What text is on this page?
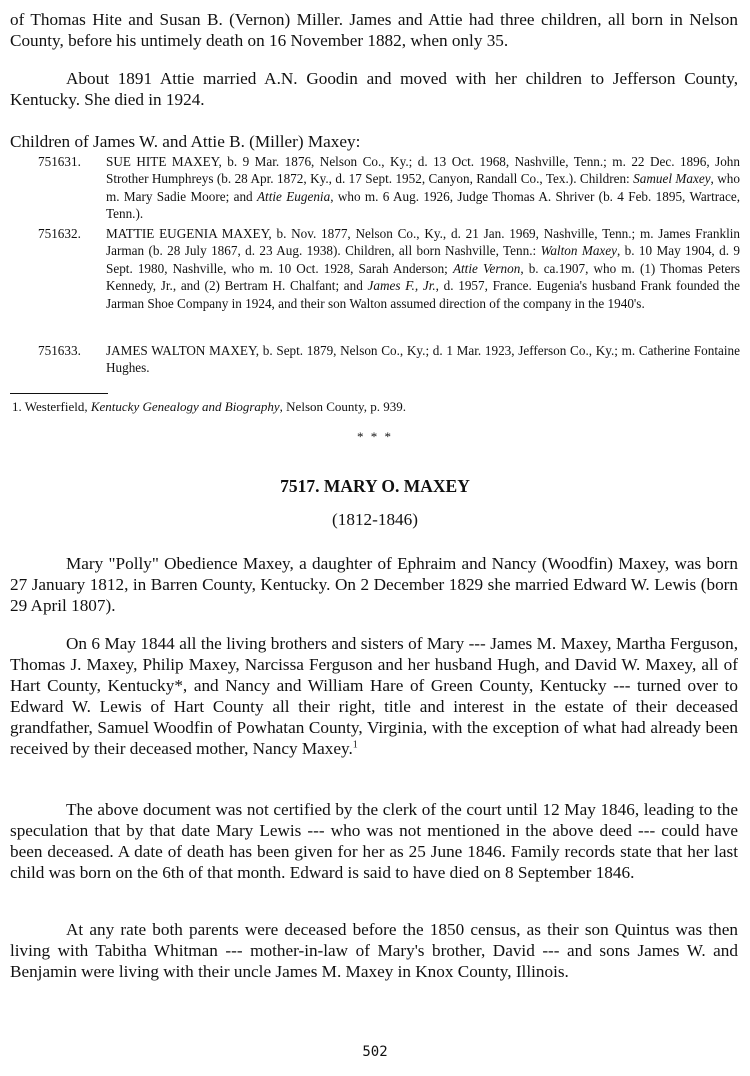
of Thomas Hite and Susan B. (Vernon) Miller. James and Attie had three children, all born in Nelson County, before his untimely death on 16 November 1882, when only 35.

About 1891 Attie married A.N. Goodin and moved with her children to Jefferson County, Kentucky. She died in 1924.

Children of James W. and Attie B. (Miller) Maxey:

751631.	SUE HITE MAXEY, b. 9 Mar. 1876, Nelson Co., Ky.; d. 13 Oct. 1968, Nashville, Tenn.; m. 22 Dec. 1896, John Strother Humphreys (b. 28 Apr. 1872, Ky., d. 17 Sept. 1952, Canyon, Randall Co., Tex.). Children: Samuel Maxey, who m. Mary Sadie Moore; and Attie Eugenia, who m. 6 Aug. 1926, Judge Thomas A. Shriver (b. 4 Feb. 1895, Wartrace, Tenn.).
751632.	MATTIE EUGENIA MAXEY, b. Nov. 1877, Nelson Co., Ky., d. 21 Jan. 1969, Nashville, Tenn.; m. James Franklin Jarman (b. 28 July 1867, d. 23 Aug. 1938). Children, all born Nashville, Tenn.: Walton Maxey, b. 10 May 1904, d. 9 Sept. 1980, Nashville, who m. 10 Oct. 1928, Sarah Anderson; Attie Vernon, b. ca.1907, who m. (1) Thomas Peters Kennedy, Jr., and (2) Bertram H. Chalfant; and James F., Jr., d. 1957, France. Eugenia's husband Frank founded the Jarman Shoe Company in 1924, and their son Walton assumed direction of the company in the 1940's.
751633.	JAMES WALTON MAXEY, b. Sept. 1879, Nelson Co., Ky.; d. 1 Mar. 1923, Jefferson Co., Ky.; m. Catherine Fontaine Hughes.

1. Westerfield, Kentucky Genealogy and Biography, Nelson County, p. 939.

* * *

7517. MARY O. MAXEY

(1812-1846)

Mary "Polly" Obedience Maxey, a daughter of Ephraim and Nancy (Woodfin) Maxey, was born 27 January 1812, in Barren County, Kentucky. On 2 December 1829 she married Edward W. Lewis (born 29 April 1807).

On 6 May 1844 all the living brothers and sisters of Mary --- James M. Maxey, Martha Ferguson, Thomas J. Maxey, Philip Maxey, Narcissa Ferguson and her husband Hugh, and David W. Maxey, all of Hart County, Kentucky*, and Nancy and William Hare of Green County, Kentucky --- turned over to Edward W. Lewis of Hart County all their right, title and interest in the estate of their deceased grandfather, Samuel Woodfin of Powhatan County, Virginia, with the exception of what had already been received by their deceased mother, Nancy Maxey.$^1$

The above document was not certified by the clerk of the court until 12 May 1846, leading to the speculation that by that date Mary Lewis --- who was not mentioned in the above deed --- could have been deceased. A date of death has been given for her as 25 June 1846. Family records state that her last child was born on the 6th of that month. Edward is said to have died on 8 September 1846.

At any rate both parents were deceased before the 1850 census, as their son Quintus was then living with Tabitha Whitman --- mother-in-law of Mary's brother, David --- and sons James W. and Benjamin were living with their uncle James M. Maxey in Knox County, Illinois.

502
